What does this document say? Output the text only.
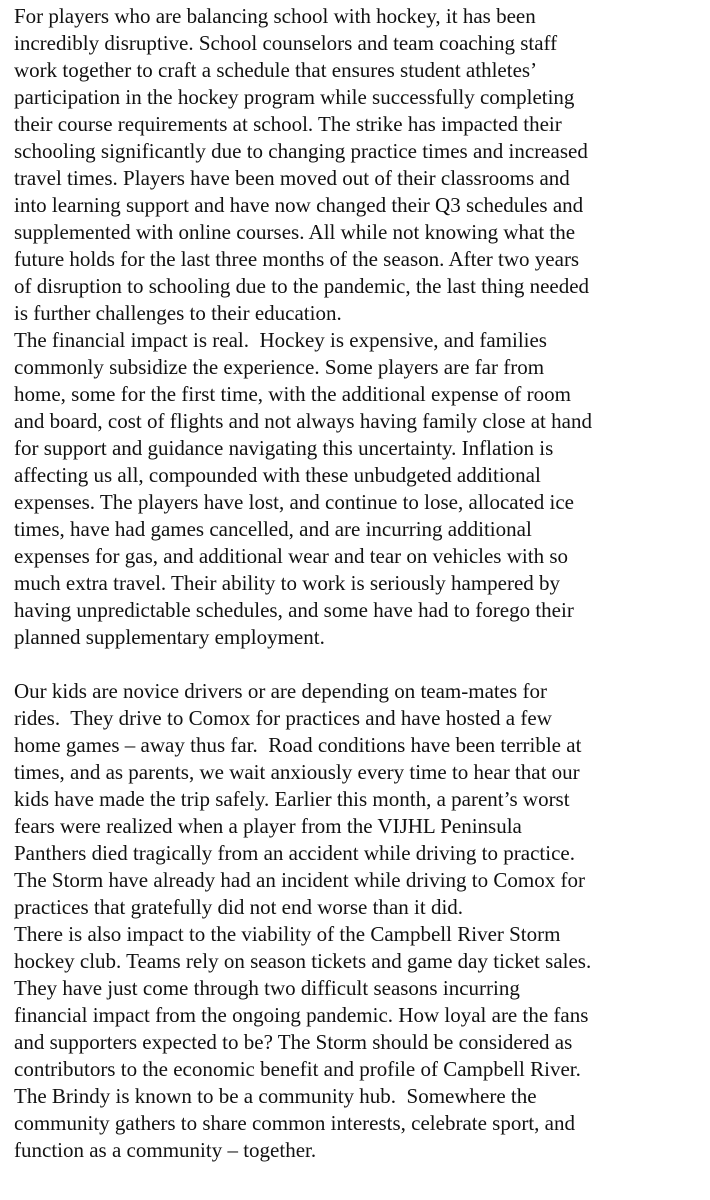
For players who are balancing school with hockey, it has been
incredibly disruptive. School counselors and team coaching staff
work together to craft a schedule that ensures student athletes’
participation in the hockey program while successfully completing
their course requirements at school. The strike has impacted their
schooling significantly due to changing practice times and increased
travel times. Players have been moved out of their classrooms and
into learning support and have now changed their Q3 schedules and
supplemented with online courses. All while not knowing what the
future holds for the last three months of the season. After two years
of disruption to schooling due to the pandemic, the last thing needed
is further challenges to their education.
The financial impact is real.  Hockey is expensive, and families
commonly subsidize the experience. Some players are far from
home, some for the first time, with the additional expense of room
and board, cost of flights and not always having family close at hand
for support and guidance navigating this uncertainty. Inflation is
affecting us all, compounded with these unbudgeted additional
expenses. The players have lost, and continue to lose, allocated ice
times, have had games cancelled, and are incurring additional
expenses for gas, and additional wear and tear on vehicles with so
much extra travel. Their ability to work is seriously hampered by
having unpredictable schedules, and some have had to forego their
planned supplementary employment.
Our kids are novice drivers or are depending on team-mates for
rides.  They drive to Comox for practices and have hosted a few
home games – away thus far.  Road conditions have been terrible at
times, and as parents, we wait anxiously every time to hear that our
kids have made the trip safely. Earlier this month, a parent’s worst
fears were realized when a player from the VIJHL Peninsula
Panthers died tragically from an accident while driving to practice.
The Storm have already had an incident while driving to Comox for
practices that gratefully did not end worse than it did.
There is also impact to the viability of the Campbell River Storm
hockey club. Teams rely on season tickets and game day ticket sales.
They have just come through two difficult seasons incurring
financial impact from the ongoing pandemic. How loyal are the fans
and supporters expected to be? The Storm should be considered as
contributors to the economic benefit and profile of Campbell River.
The Brindy is known to be a community hub.  Somewhere the
community gathers to share common interests, celebrate sport, and
function as a community – together.
